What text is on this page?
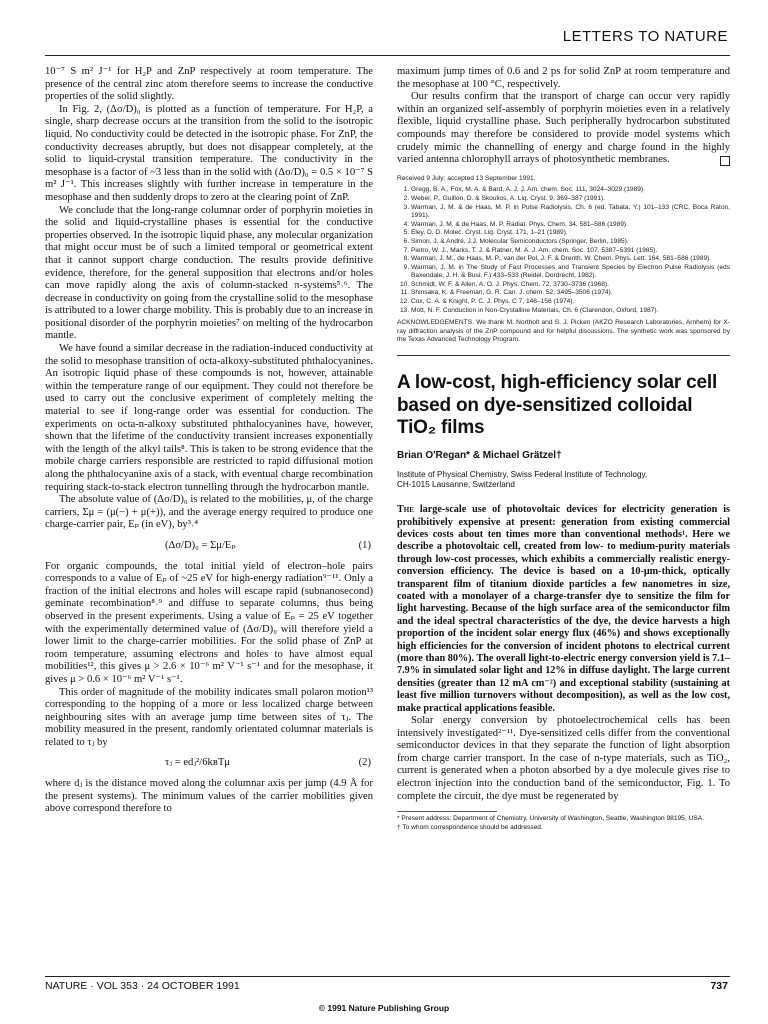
LETTERS TO NATURE

10⁻⁷ S m² J⁻¹ for H₂P and ZnP respectively at room temperature. The presence of the central zinc atom therefore seems to increase the conductive properties of the solid slightly.

In Fig. 2, (Δσ/D)₀ is plotted as a function of temperature. For H₂P, a single, sharp decrease occurs at the transition from the solid to the isotropic liquid. No conductivity could be detected in the isotropic phase. For ZnP, the conductivity decreases abruptly, but does not disappear completely, at the solid to liquid-crystal transition temperature. The conductivity in the mesophase is a factor of ~3 less than in the solid with (Δσ/D)₀ = 0.5 × 10⁻⁷ S m² J⁻¹. This increases slightly with further increase in temperature in the mesophase and then suddenly drops to zero at the clearing point of ZnP.

We conclude that the long-range columnar order of porphyrin moieties in the solid and liquid-crystalline phases is essential for the conductive properties observed. In the isotropic liquid phase, any molecular organization that might occur must be of such a limited temporal or geometrical extent that it cannot support charge conduction. The results provide definitive evidence, therefore, for the general supposition that electrons and/or holes can move rapidly along the axis of column-stacked π-systems⁵˒⁶. The decrease in conductivity on going from the crystalline solid to the mesophase is attributed to a lower charge mobility. This is probably due to an increase in positional disorder of the porphyrin moieties⁷ on melting of the hydrocarbon mantle.

We have found a similar decrease in the radiation-induced conductivity at the solid to mesophase transition of octa-alkoxy-substituted phthalocyanines. An isotropic liquid phase of these compounds is not, however, attainable within the temperature range of our equipment. They could not therefore be used to carry out the conclusive experiment of completely melting the material to see if long-range order was essential for conduction. The experiments on octa-n-alkoxy substituted phthalocyanines have, however, shown that the lifetime of the conductivity transient increases exponentially with the length of the alkyl tails⁸. This is taken to be strong evidence that the mobile charge carriers responsible are restricted to rapid diffusional motion along the phthalocyanine axis of a stack, with eventual charge recombination requiring stack-to-stack electron tunnelling through the hydrocarbon mantle.

The absolute value of (Δσ/D)₀ is related to the mobilities, μ, of the charge carriers, Σμ = (μ(−) + μ(+)), and the average energy required to produce one charge-carrier pair, Eₚ (in eV), by³˒⁴

(Δσ/D)₀ = Σμ/Eₚ	(1)

For organic compounds, the total initial yield of electron–hole pairs corresponds to a value of Eₚ of ~25 eV for high-energy radiation⁹⁻¹¹. Only a fraction of the initial electrons and holes will escape rapid (subnanosecond) geminate recombination⁸˒⁹ and diffuse to separate columns, thus being observed in the present experiments. Using a value of Eₚ = 25 eV together with the experimentally determined value of (Δσ/D)₀ will therefore yield a lower limit to the charge-carrier mobilities. For the solid phase of ZnP at room temperature, assuming electrons and holes to have almost equal mobilities¹², this gives μ > 2.6 × 10⁻⁶ m² V⁻¹ s⁻¹ and for the mesophase, it gives μ > 0.6 × 10⁻⁶ m² V⁻¹ s⁻¹.

This order of magnitude of the mobility indicates small polaron motion¹³ corresponding to the hopping of a more or less localized charge between neighbouring sites with an average jump time between sites of τⱼ. The mobility measured in the present, randomly orientated columnar materials is related to τⱼ by

τⱼ = edⱼ²/6kʙTμ	(2)

where dⱼ is the distance moved along the columnar axis per jump (4.9 Å for the present systems). The minimum values of the carrier mobilities given above correspond therefore to

maximum jump times of 0.6 and 2 ps for solid ZnP at room temperature and the mesophase at 100 °C, respectively.

Our results confirm that the transport of charge can occur very rapidly within an organized self-assembly of porphyrin moieties even in a relatively flexible, liquid crystalline phase. Such peripherally hydrocarbon substituted compounds may therefore be considered to provide model systems which crudely mimic the channelling of energy and charge found in the highly varied antenna chlorophyll arrays of photosynthetic membranes.

Received 9 July; accepted 13 September 1991.
1. Gregg, B. A., Fox, M. A. & Bard, A. J. J. Am. chem. Soc. 111, 3024–3029 (1989).
2. Weber, P., Guillon, D. & Skoulios, A. Liq. Cryst. 9, 369–387 (1991).
3. Warman, J. M. & de Haas, M. P. in Pulse Radiolysis, Ch. 6 (ed. Tabata, Y.) 101–133 (CRC, Boca Raton, 1991).
4. Warman, J. M. & de Haas, M. P. Radiat. Phys. Chem. 34, 581–586 (1989).
5. Eley, D. D. Molec. Cryst. Liq. Cryst. 171, 1–21 (1989).
6. Simon, J. & André, J.J. Molecular Semiconductors (Springer, Berlin, 1985).
7. Pietro, W. J., Marks, T. J. & Ratner, M. A. J. Am. chem. Soc. 107, 5387–5391 (1985).
8. Warman, J. M., de Haas, M. P., van der Pol, J. F. & Drenth, W. Chem. Phys. Lett. 164, 581–586 (1989).
9. Warman, J. M. in The Study of Fast Processes and Transient Species by Electron Pulse Radiolysis (eds Baxendale, J. H. & Busi, F.) 433–533 (Reidel, Dordrecht, 1982).
10. Schmidt, W. F. & Allen, A. O. J. Phys. Chem. 72, 3730–3736 (1968).
11. Shinsaka, K. & Freeman, G. R. Can. J. chem. 52, 3495–3506 (1974).
12. Cox, C. A. & Knight, P. C. J. Phys. C 7, 146–156 (1974).
13. Mott, N. F. Conduction in Non-Crystalline Materials, Ch. 6 (Clarendon, Oxford, 1987).
ACKNOWLEDGEMENTS. We thank M. Northolt and S. J. Picken (AKZO Research Laboratories, Arnhem) for X-ray diffraction analysis of the ZnP compound and for helpful discussions. The synthetic work was sponsored by the Texas Advanced Technology Program.
A low-cost, high-efficiency solar cell based on dye-sensitized colloidal TiO₂ films
Brian O'Regan* & Michael Grätzel†
Institute of Physical Chemistry, Swiss Federal Institute of Technology,
CH-1015 Lausanne, Switzerland
The large-scale use of photovoltaic devices for electricity generation is prohibitively expensive at present: generation from existing commercial devices costs about ten times more than conventional methods¹. Here we describe a photovoltaic cell, created from low- to medium-purity materials through low-cost processes, which exhibits a commercially realistic energy-conversion efficiency. The device is based on a 10-μm-thick, optically transparent film of titanium dioxide particles a few nanometres in size, coated with a monolayer of a charge-transfer dye to sensitize the film for light harvesting. Because of the high surface area of the semiconductor film and the ideal spectral characteristics of the dye, the device harvests a high proportion of the incident solar energy flux (46%) and shows exceptionally high efficiencies for the conversion of incident photons to electrical current (more than 80%). The overall light-to-electric energy conversion yield is 7.1–7.9% in simulated solar light and 12% in diffuse daylight. The large current densities (greater than 12 mA cm⁻²) and exceptional stability (sustaining at least five million turnovers without decomposition), as well as the low cost, make practical applications feasible.

Solar energy conversion by photoelectrochemical cells has been intensively investigated²⁻¹¹. Dye-sensitized cells differ from the conventional semiconductor devices in that they separate the function of light absorption from charge carrier transport. In the case of n-type materials, such as TiO₂, current is generated when a photon absorbed by a dye molecule gives rise to electron injection into the conduction band of the semiconductor, Fig. 1. To complete the circuit, the dye must be regenerated by

* Present address: Department of Chemistry, University of Washington, Seattle, Washington 98195, USA.
† To whom correspondence should be addressed.
NATURE · VOL 353 · 24 OCTOBER 1991	737
© 1991 Nature Publishing Group
